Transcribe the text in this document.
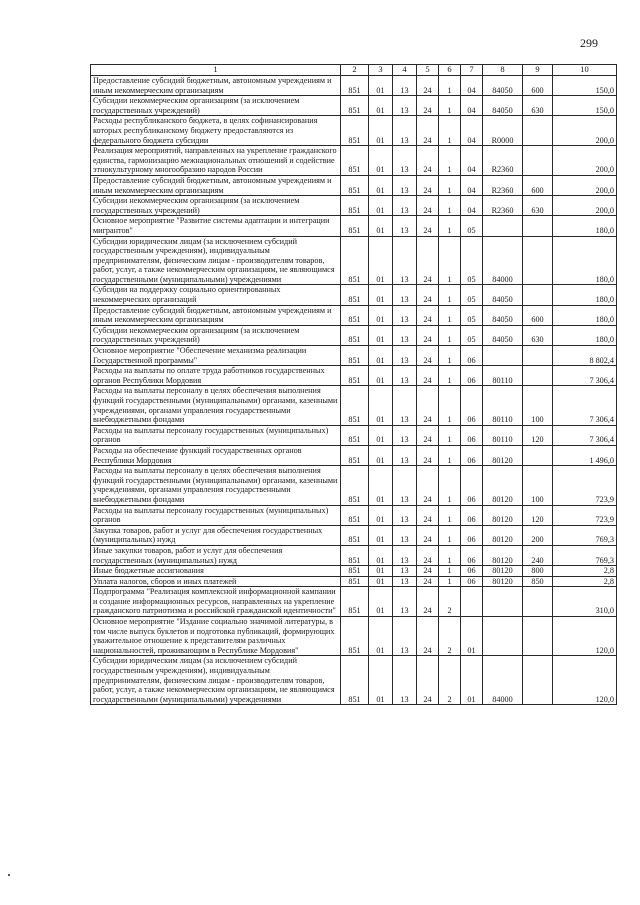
299
1	2	3	4	5	6	7	8	9	10
Предоставление субсидий бюджетным, автономным учреждениям и иным некоммерческим организациям	851	01	13	24	1	04	84050	600	150,0
Субсидии некоммерческим организациям (за исключением государственных учреждений)	851	01	13	24	1	04	84050	630	150,0
Расходы республиканского бюджета, в целях софинансирования которых республиканскому бюджету предоставляются из федерального бюджета субсидии	851	01	13	24	1	04	R0000		200,0
Реализация мероприятий, направленных на укрепление гражданского единства, гармонизацию межнациональных отношений и содействие этнокультурному многообразию народов России	851	01	13	24	1	04	R2360		200,0
Предоставление субсидий бюджетным, автономным учреждениям и иным некоммерческим организациям	851	01	13	24	1	04	R2360	600	200,0
Субсидии некоммерческим организациям (за исключением государственных учреждений)	851	01	13	24	1	04	R2360	630	200,0
Основное мероприятие "Развитие системы адаптации и интеграции мигрантов"	851	01	13	24	1	05			180,0
Субсидии юридическим лицам (за исключением субсидий государственным учреждениям), индивидуальным предпринимателям, физическим лицам - производителям товаров, работ, услуг, а также некоммерческим организациям, не являющимся государственными (муниципальными) учреждениями	851	01	13	24	1	05	84000		180,0
Субсидии на поддержку социально ориентированных некоммерческих организаций	851	01	13	24	1	05	84050		180,0
Предоставление субсидий бюджетным, автономным учреждениям и иным некоммерческим организациям	851	01	13	24	1	05	84050	600	180,0
Субсидии некоммерческим организациям (за исключением государственных учреждений)	851	01	13	24	1	05	84050	630	180,0
Основное мероприятие "Обеспечение механизма реализации Государственной программы"	851	01	13	24	1	06			8 802,4
Расходы на выплаты по оплате труда работников государственных органов Республики Мордовия	851	01	13	24	1	06	80110		7 306,4
Расходы на выплаты персоналу в целях обеспечения выполнения функций государственными (муниципальными) органами, казенными учреждениями, органами управления государственными внебюджетными фондами	851	01	13	24	1	06	80110	100	7 306,4
Расходы на выплаты персоналу государственных (муниципальных) органов	851	01	13	24	1	06	80110	120	7 306,4
Расходы на обеспечение функций государственных органов Республики Мордовия	851	01	13	24	1	06	80120		1 496,0
Расходы на выплаты персоналу в целях обеспечения выполнения функций государственными (муниципальными) органами, казенными учреждениями, органами управления государственными внебюджетными фондами	851	01	13	24	1	06	80120	100	723,9
Расходы на выплаты персоналу государственных (муниципальных) органов	851	01	13	24	1	06	80120	120	723,9
Закупка товаров, работ и услуг для обеспечения государственных (муниципальных) нужд	851	01	13	24	1	06	80120	200	769,3
Иные закупки товаров, работ и услуг для обеспечения государственных (муниципальных) нужд	851	01	13	24	1	06	80120	240	769,3
Иные бюджетные ассигнования	851	01	13	24	1	06	80120	800	2,8
Уплата налогов, сборов и иных платежей	851	01	13	24	1	06	80120	850	2,8
Подпрограмма "Реализация комплексной информационной кампании и создание информационных ресурсов, направленных на укрепление гражданского патриотизма и российской гражданской идентичности"	851	01	13	24	2				310,0
Основное мероприятие "Издание социально значимой литературы, в том числе выпуск буклетов и подготовка публикаций, формирующих уважительное отношение к представителям различных национальностей, проживающим в Республике Мордовия"	851	01	13	24	2	01			120,0
Субсидии юридическим лицам (за исключением субсидий государственным учреждениям), индивидуальным предпринимателям, физическим лицам - производителям товаров, работ, услуг, а также некоммерческим организациям, не являющимся государственными (муниципальными) учреждениями	851	01	13	24	2	01	84000		120,0
